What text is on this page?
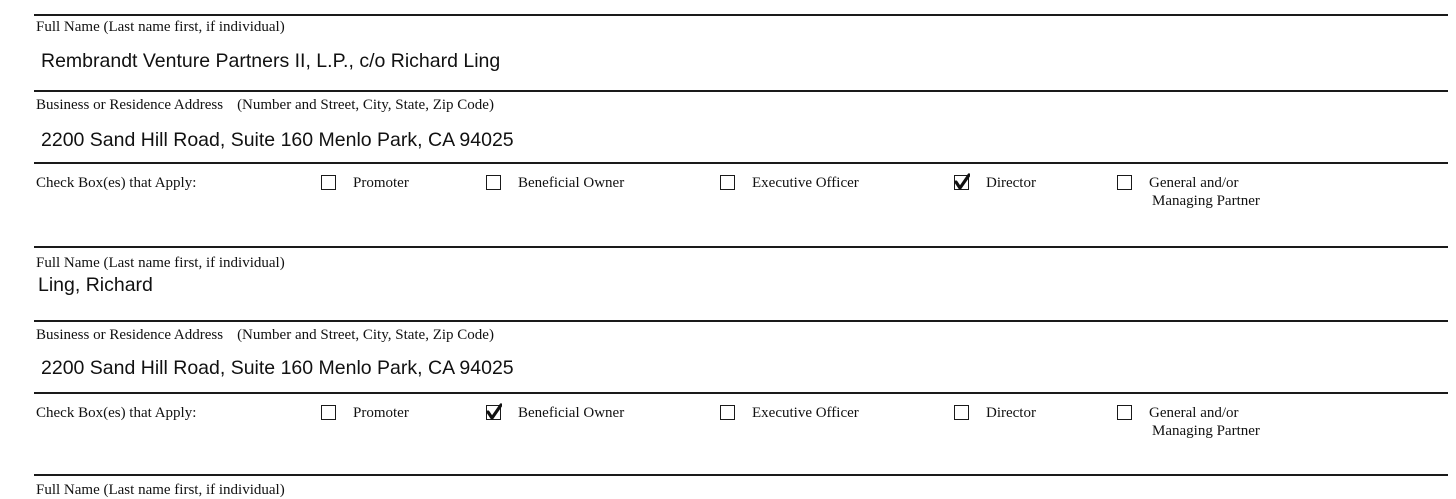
Full Name (Last name first, if individual)
Rembrandt Venture Partners II, L.P., c/o Richard Ling
Business or Residence Address (Number and Street, City, State, Zip Code)
2200 Sand Hill Road, Suite 160 Menlo Park, CA 94025
Check Box(es) that Apply:	Promoter	Beneficial Owner	Executive Officer	Director	General and/or
Managing Partner
Full Name (Last name first, if individual)
Ling, Richard
Business or Residence Address (Number and Street, City, State, Zip Code)
2200 Sand Hill Road, Suite 160 Menlo Park, CA 94025
Check Box(es) that Apply:	Promoter	Beneficial Owner	Executive Officer	Director	General and/or
Managing Partner
Full Name (Last name first, if individual)
